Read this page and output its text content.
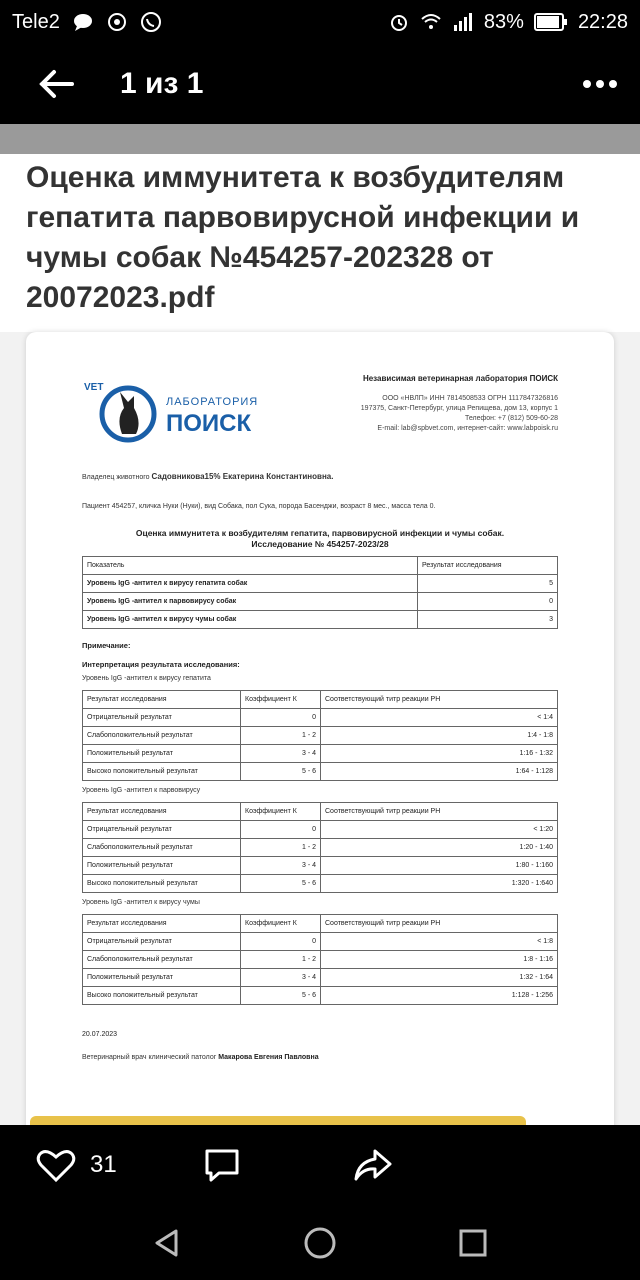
Tele2	83%	22:28
1 из 1
Оценка иммунитета к возбудителям гепатита парвовирусной инфекции и чумы собак №454257-202328 от 20072023.pdf
VET
ЛАБОРАТОРИЯ
ПОИСК
Независимая ветеринарная лаборатория ПОИСК
ООО «НВЛП» ИНН 7814508533 ОГРН 1117847326816
197375, Санкт-Петербург, улица Репищева, дом 13, корпус 1
Телефон: +7 (812) 509-60-28
E-mail: lab@spbvet.com, интернет-сайт: www.labpoisk.ru
Владелец животного Садовникова15% Екатерина Константиновна.
Пациент 454257, кличка Нуки (Нуки), вид Собака, пол Сука, порода Басенджи, возраст 8 мес., масса тела 0.
Оценка иммунитета к возбудителям гепатита, парвовирусной инфекции и чумы собак.
Исследование № 454257-2023/28
Показатель	Результат исследования
Уровень IgG -антител к вирусу гепатита собак	5
Уровень IgG -антител к парвовирусу собак	0
Уровень IgG -антител к вирусу чумы собак	3
Примечание:
Интерпретация результата исследования:
Уровень IgG -антител к вирусу гепатита
Результат исследования	Коэффициент К	Соответствующий титр реакции РН
Отрицательный результат	0	< 1:4
Слабоположительный результат	1 - 2	1:4 - 1:8
Положительный результат	3 - 4	1:16 - 1:32
Высоко положительный результат	5 - 6	1:64 - 1:128
Уровень IgG -антител к парвовирусу
Результат исследования	Коэффициент К	Соответствующий титр реакции РН
Отрицательный результат	0	< 1:20
Слабоположительный результат	1 - 2	1:20 - 1:40
Положительный результат	3 - 4	1:80 - 1:160
Высоко положительный результат	5 - 6	1:320 - 1:640
Уровень IgG -антител к вирусу чумы
Результат исследования	Коэффициент К	Соответствующий титр реакции РН
Отрицательный результат	0	< 1:8
Слабоположительный результат	1 - 2	1:8 - 1:16
Положительный результат	3 - 4	1:32 - 1:64
Высоко положительный результат	5 - 6	1:128 - 1:256
20.07.2023
Ветеринарный врач клинический патолог Макарова Евгения Павловна
31
